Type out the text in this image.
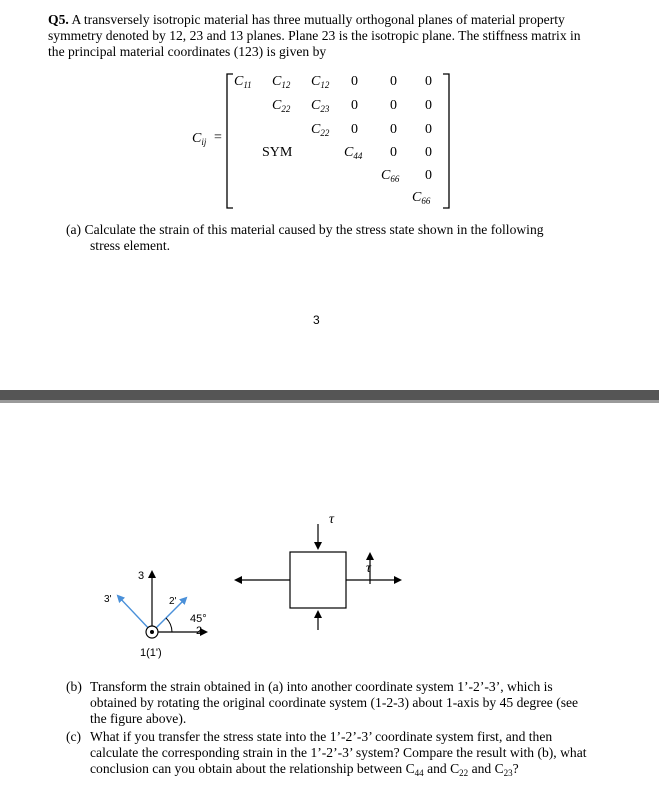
Q5. A transversely isotropic material has three mutually orthogonal planes of material property
symmetry denoted by 12, 23 and 13 planes. Plane 23 is the isotropic plane. The stiffness matrix in
the principal material coordinates (123) is given by
$C_{ij}$ =
$C_{11}$ $C_{12}$ $C_{12}$ 0 0 0
$C_{22}$ $C_{23}$ 0 0 0
$C_{22}$ 0 0 0
SYM	$C_{44}$ 0 0
$C_{66}$ 0
$C_{66}$
(a) Calculate the strain of this material caused by the stress state shown in the following
stress element.
3
τ
τ
3
3'	2'
2
45°
1(1')
(b) Transform the strain obtained in (a) into another coordinate system 1’-2’-3’, which is
obtained by rotating the original coordinate system (1-2-3) about 1-axis by 45 degree (see
the figure above).
(c) What if you transfer the stress state into the 1’-2’-3’ coordinate system first, and then
calculate the corresponding strain in the 1’-2’-3’ system? Compare the result with (b), what
conclusion can you obtain about the relationship between $C_{44}$ and $C_{22}$ and $C_{23}$?
